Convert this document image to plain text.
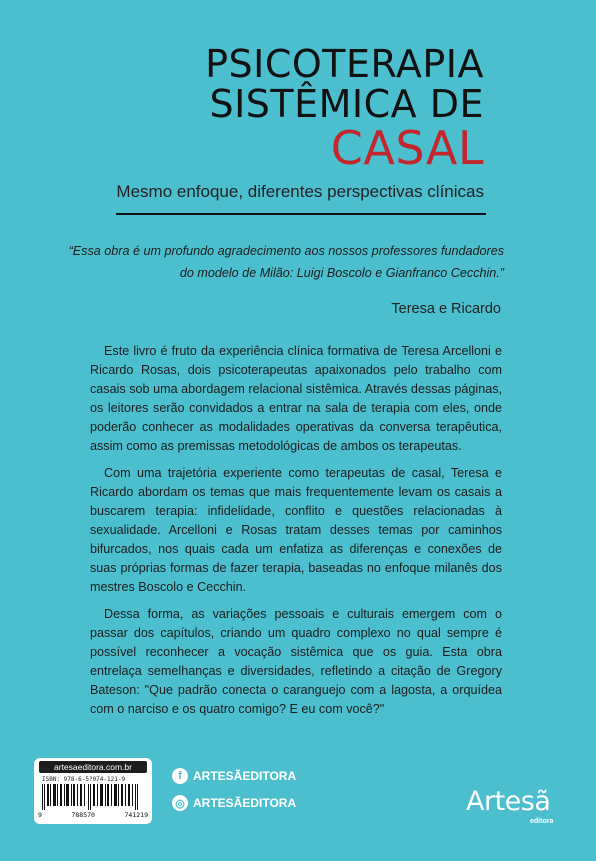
PSICOTERAPIA
SISTÊMICA DE
CASAL
Mesmo enfoque, diferentes perspectivas clínicas
“Essa obra é um profundo agradecimento aos nossos professores fundadores
do modelo de Milão: Luigi Boscolo e Gianfranco Cecchin.”
Teresa e Ricardo

Este livro é fruto da experiência clínica formativa de Teresa Arcelloni e Ricardo Rosas, dois psicoterapeutas apaixonados pelo trabalho com casais sob uma abordagem relacional sistêmica. Através dessas páginas, os leitores serão convidados a entrar na sala de terapia com eles, onde poderão conhecer as modalidades operativas da conversa terapêutica, assim como as premissas metodológicas de ambos os terapeutas.

Com uma trajetória experiente como terapeutas de casal, Teresa e Ricardo abordam os temas que mais frequentemente levam os casais a buscarem terapia: infidelidade, conflito e questões relacionadas à sexualidade. Arcelloni e Rosas tratam desses temas por caminhos bifurcados, nos quais cada um enfatiza as diferenças e conexões de suas próprias formas de fazer terapia, baseadas no enfoque milanês dos mestres Boscolo e Cecchin.

Dessa forma, as variações pessoais e culturais emergem com o passar dos capítulos, criando um quadro complexo no qual sempre é possível reconhecer a vocação sistêmica que os guia. Esta obra entrelaça semelhanças e diversidades, refletindo a citação de Gregory Bateson: "Que padrão conecta o caranguejo com a lagosta, a orquídea com o narciso e os quatro comigo? E eu com você?"

artesaeditora.com.br
ISBN: 978-6-5?074-121-9
9	788570	741219
f ARTESÃEDITORA
◎ ARTESÃEDITORA	Artesã
editora
